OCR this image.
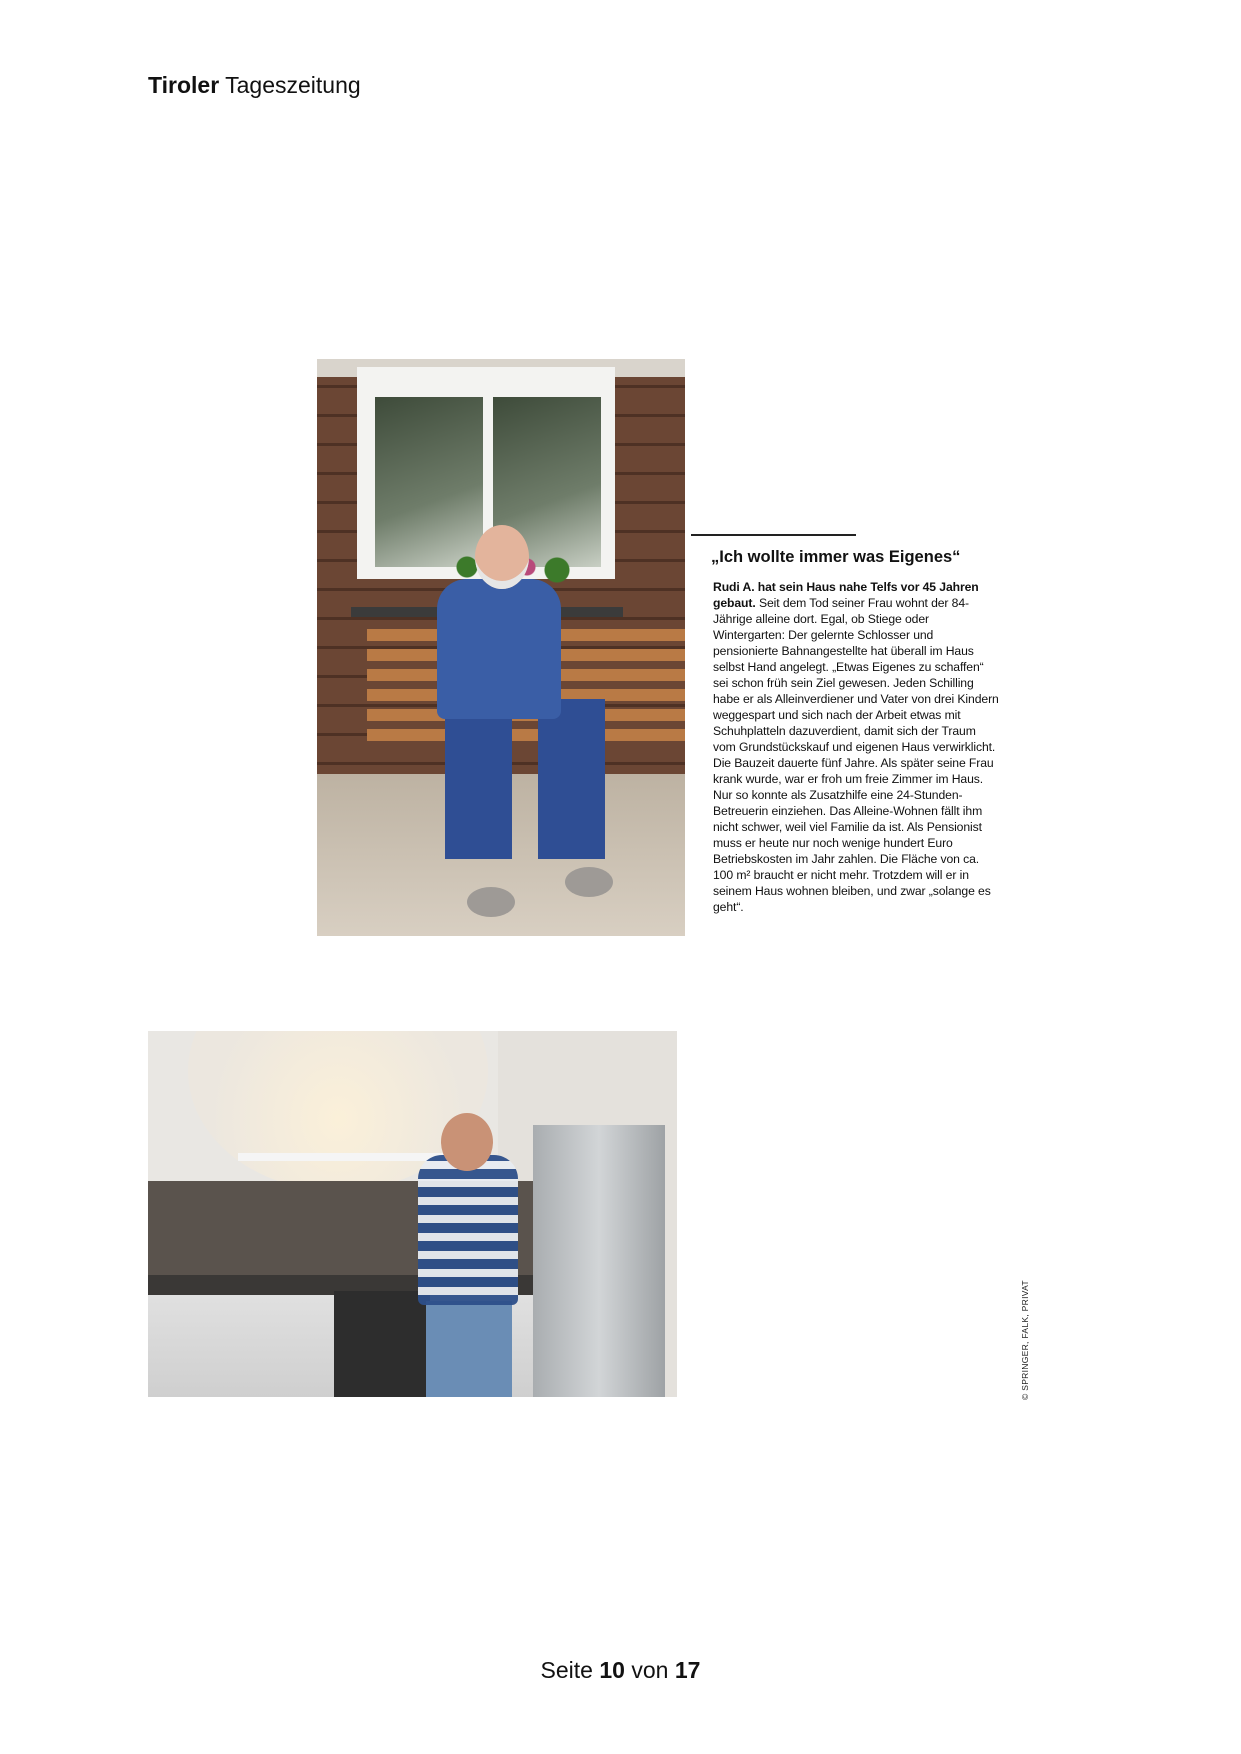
Tiroler Tageszeitung
„Ich wollte immer was Eigenes“
Rudi A. hat sein Haus nahe Telfs vor 45 Jahren gebaut. Seit dem Tod seiner Frau wohnt der 84-Jährige alleine dort. Egal, ob Stiege oder Wintergarten: Der gelernte Schlosser und pensionierte Bahnangestellte hat überall im Haus selbst Hand angelegt. „Etwas Eigenes zu schaffen“ sei schon früh sein Ziel gewesen. Jeden Schilling habe er als Alleinverdiener und Vater von drei Kindern weggespart und sich nach der Arbeit etwas mit Schuhplatteln dazuverdient, damit sich der Traum vom Grundstückskauf und eigenen Haus verwirklicht. Die Bauzeit dauerte fünf Jahre. Als später seine Frau krank wurde, war er froh um freie Zimmer im Haus. Nur so konnte als Zusatzhilfe eine 24-Stunden-Betreuerin einziehen. Das Alleine-Wohnen fällt ihm nicht schwer, weil viel Familie da ist. Als Pensionist muss er heute nur noch wenige hundert Euro Betriebskosten im Jahr zahlen. Die Fläche von ca. 100 m² braucht er nicht mehr. Trotzdem will er in seinem Haus wohnen bleiben, und zwar „solange es geht“.
© SPRINGER, FALK, PRIVAT
Seite 10 von 17
